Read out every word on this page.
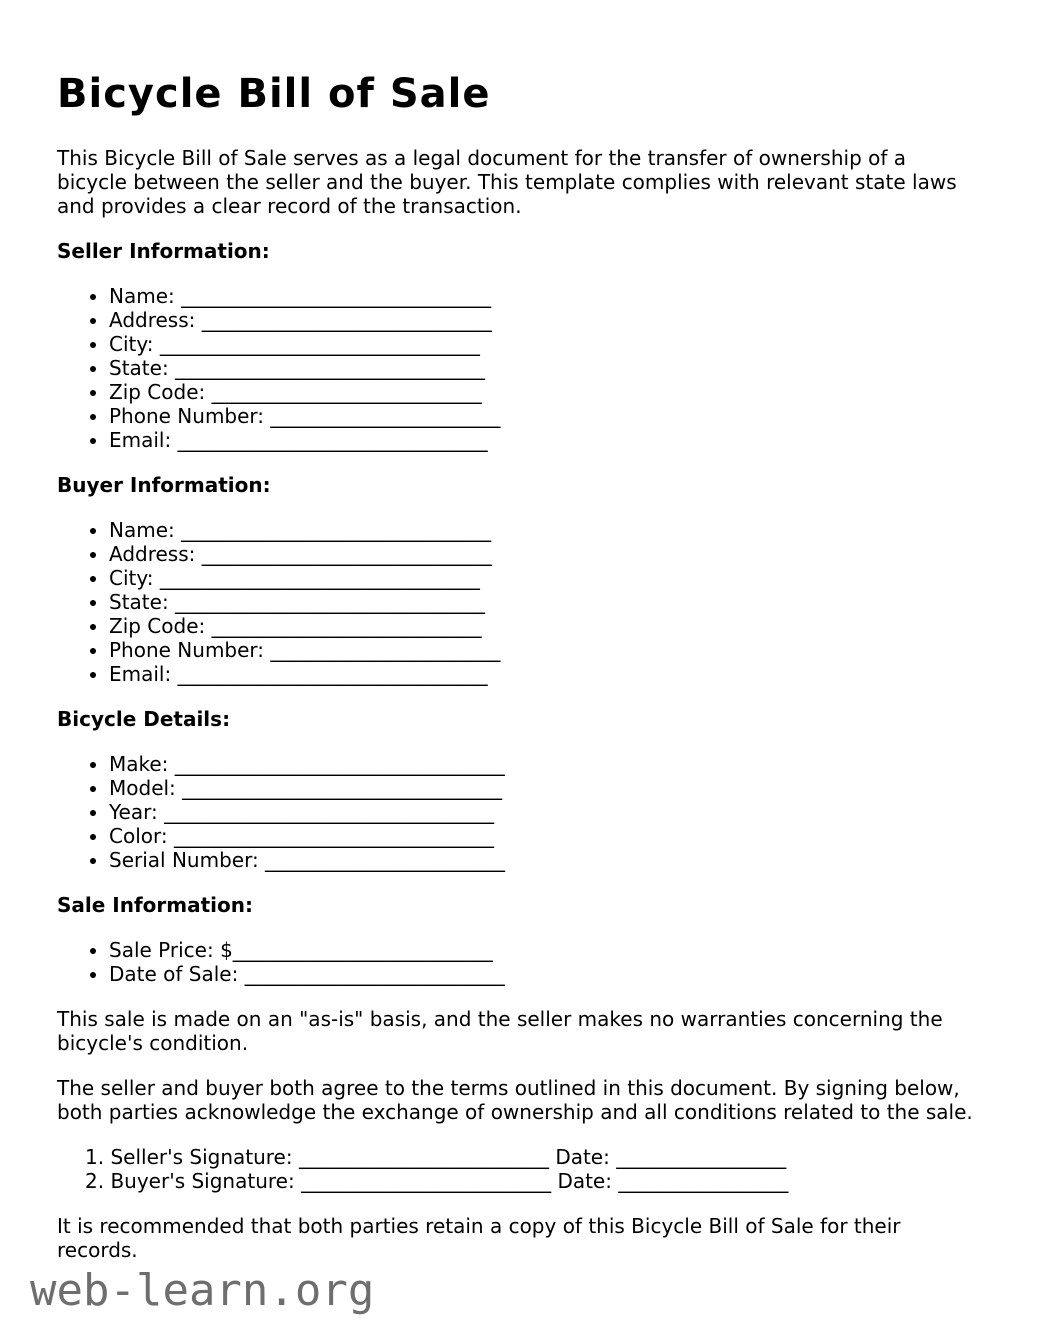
web-learn.org
Bicycle Bill of Sale

This Bicycle Bill of Sale serves as a legal document for the transfer of ownership of a bicycle between the seller and the buyer. This template complies with relevant state laws and provides a clear record of the transaction.

Seller Information:
• Name: _______________________________
• Address: _____________________________
• City: ________________________________
• State: _______________________________
• Zip Code: ___________________________
• Phone Number: _______________________
• Email: _______________________________
Buyer Information:
• Name: _______________________________
• Address: _____________________________
• City: ________________________________
• State: _______________________________
• Zip Code: ___________________________
• Phone Number: _______________________
• Email: _______________________________
Bicycle Details:
• Make: _________________________________
• Model: ________________________________
• Year: _________________________________
• Color: ________________________________
• Serial Number: ________________________
Sale Information:
• Sale Price: $__________________________
• Date of Sale: __________________________

This sale is made on an "as-is" basis, and the seller makes no warranties concerning the bicycle's condition.

The seller and buyer both agree to the terms outlined in this document. By signing below, both parties acknowledge the exchange of ownership and all conditions related to the sale.

1. Seller's Signature: _________________________ Date: _________________
2. Buyer's Signature: _________________________ Date: _________________

It is recommended that both parties retain a copy of this Bicycle Bill of Sale for their records.
